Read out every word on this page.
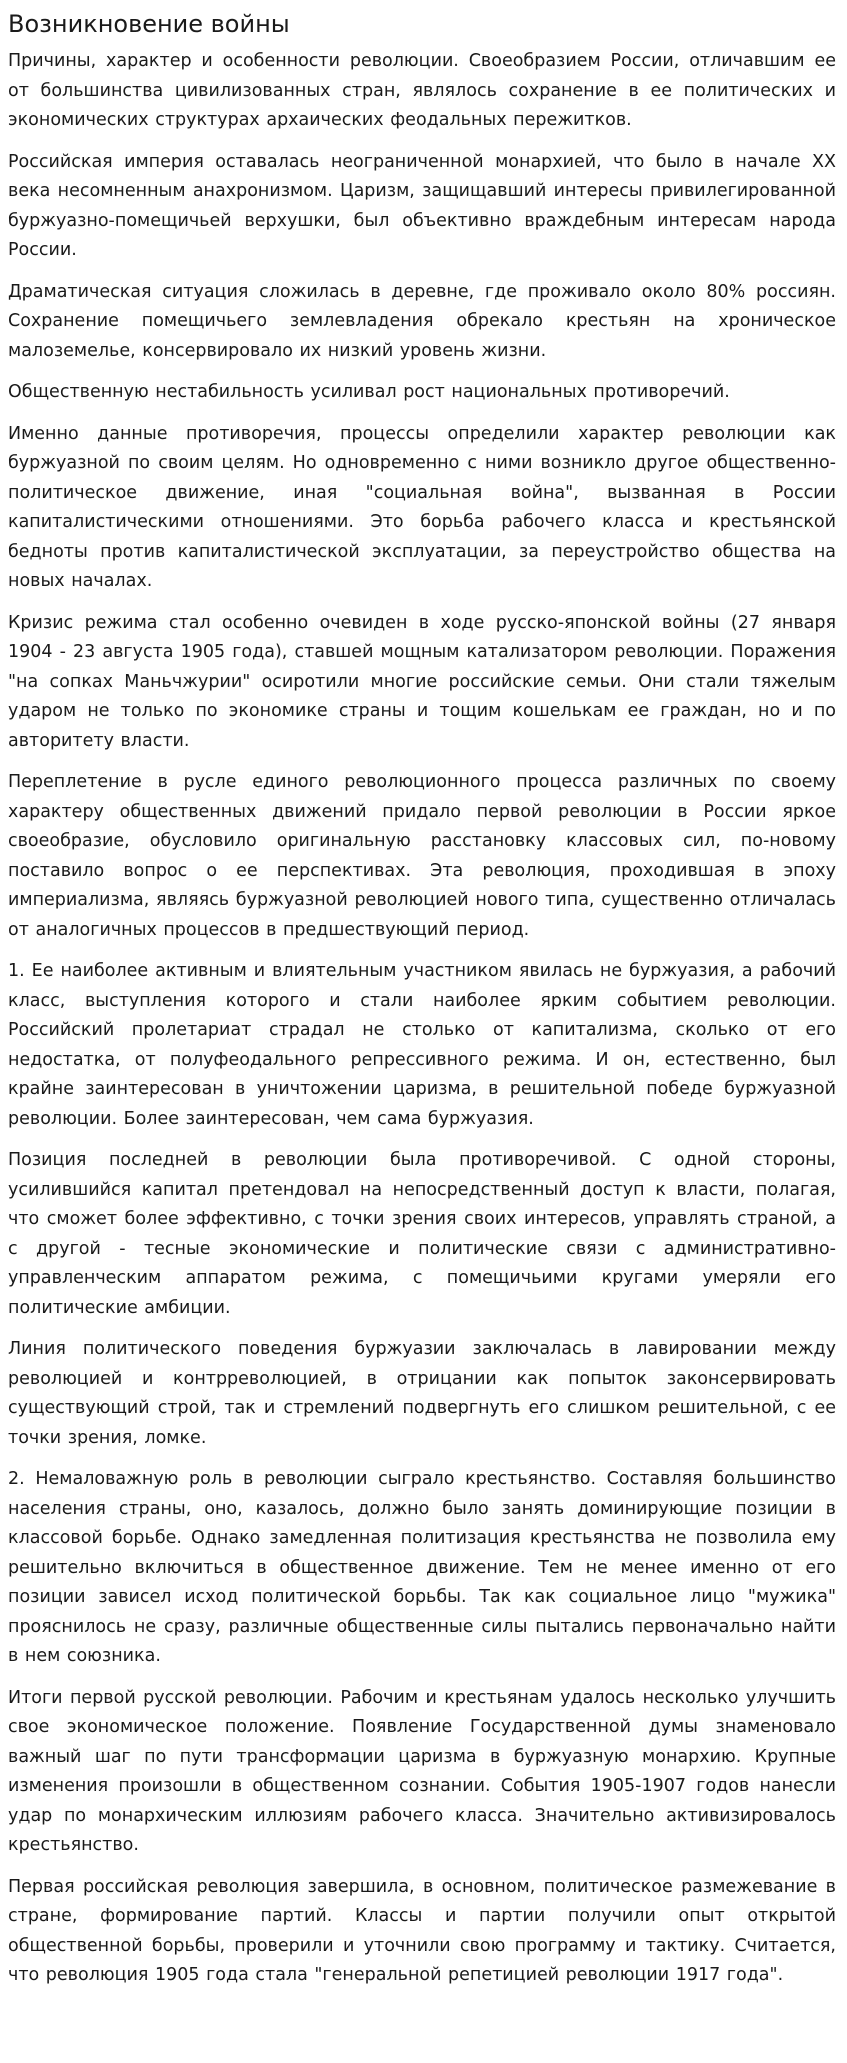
Возникновение войны

Причины, характер и особенности революции. Своеобразием России, отличавшим ее от большинства цивилизованных стран, являлось сохранение в ее политических и экономических структурах архаических феодальных пережитков.

Российская империя оставалась неограниченной монархией, что было в начале XX века несомненным анахронизмом. Царизм, защищавший интересы привилегированной буржуазно-помещичьей верхушки, был объективно враждебным интересам народа России.

Драматическая ситуация сложилась в деревне, где проживало около 80% россиян. Сохранение помещичьего землевладения обрекало крестьян на хроническое малоземелье, консервировало их низкий уровень жизни.

Общественную нестабильность усиливал рост национальных противоречий.

Именно данные противоречия, процессы определили характер революции как буржуазной по своим целям. Но одновременно с ними возникло другое общественно-политическое движение, иная "социальная война", вызванная в России капиталистическими отношениями. Это борьба рабочего класса и крестьянской бедноты против капиталистической эксплуатации, за переустройство общества на новых началах.

Кризис режима стал особенно очевиден в ходе русско-японской войны (27 января 1904 - 23 августа 1905 года), ставшей мощным катализатором революции. Поражения "на сопках Маньчжурии" осиротили многие российские семьи. Они стали тяжелым ударом не только по экономике страны и тощим кошелькам ее граждан, но и по авторитету власти.

Переплетение в русле единого революционного процесса различных по своему характеру общественных движений придало первой революции в России яркое своеобразие, обусловило оригинальную расстановку классовых сил, по-новому поставило вопрос о ее перспективах. Эта революция, проходившая в эпоху империализма, являясь буржуазной революцией нового типа, существенно отличалась от аналогичных процессов в предшествующий период.

1. Ее наиболее активным и влиятельным участником явилась не буржуазия, а рабочий класс, выступления которого и стали наиболее ярким событием революции. Российский пролетариат страдал не столько от капитализма, сколько от его недостатка, от полуфеодального репрессивного режима. И он, естественно, был крайне заинтересован в уничтожении царизма, в решительной победе буржуазной революции. Более заинтересован, чем сама буржуазия.

Позиция последней в революции была противоречивой. С одной стороны, усилившийся капитал претендовал на непосредственный доступ к власти, полагая, что сможет более эффективно, с точки зрения своих интересов, управлять страной, а с другой - тесные экономические и политические связи с административно-управленческим аппаратом режима, с помещичьими кругами умеряли его политические амбиции.

Линия политического поведения буржуазии заключалась в лавировании между революцией и контрреволюцией, в отрицании как попыток законсервировать существующий строй, так и стремлений подвергнуть его слишком решительной, с ее точки зрения, ломке.

2. Немаловажную роль в революции сыграло крестьянство. Составляя большинство населения страны, оно, казалось, должно было занять доминирующие позиции в классовой борьбе. Однако замедленная политизация крестьянства не позволила ему решительно включиться в общественное движение. Тем не менее именно от его позиции зависел исход политической борьбы. Так как социальное лицо "мужика" прояснилось не сразу, различные общественные силы пытались первоначально найти в нем союзника.

Итоги первой русской революции. Рабочим и крестьянам удалось несколько улучшить свое экономическое положение. Появление Государственной думы знаменовало важный шаг по пути трансформации царизма в буржуазную монархию. Крупные изменения произошли в общественном сознании. События 1905-1907 годов нанесли удар по монархическим иллюзиям рабочего класса. Значительно активизировалось крестьянство.

Первая российская революция завершила, в основном, политическое размежевание в стране, формирование партий. Классы и партии получили опыт открытой общественной борьбы, проверили и уточнили свою программу и тактику. Считается, что революция 1905 года стала "генеральной репетицией революции 1917 года".
